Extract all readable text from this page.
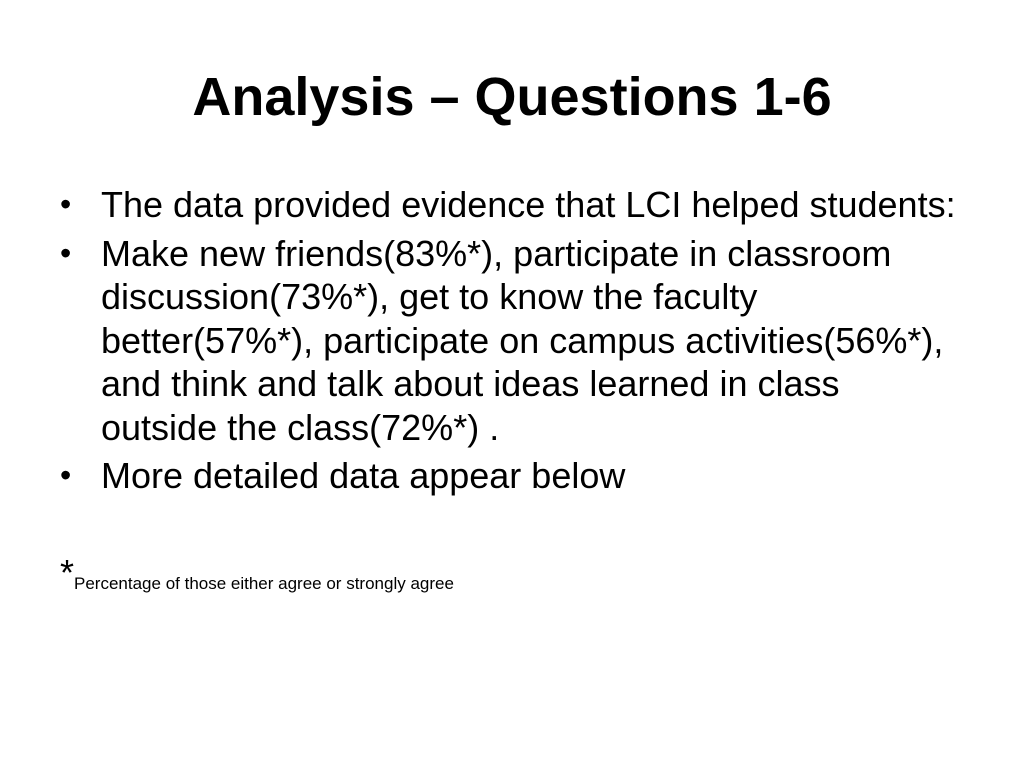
Analysis – Questions 1-6
• The data provided evidence that LCI helped students:
• Make new friends(83%*), participate in classroom discussion(73%*), get to know the faculty better(57%*), participate on campus activities(56%*), and think and talk about ideas learned in class outside the class(72%*) .
• More detailed data appear below
*Percentage of those either agree or strongly agree
